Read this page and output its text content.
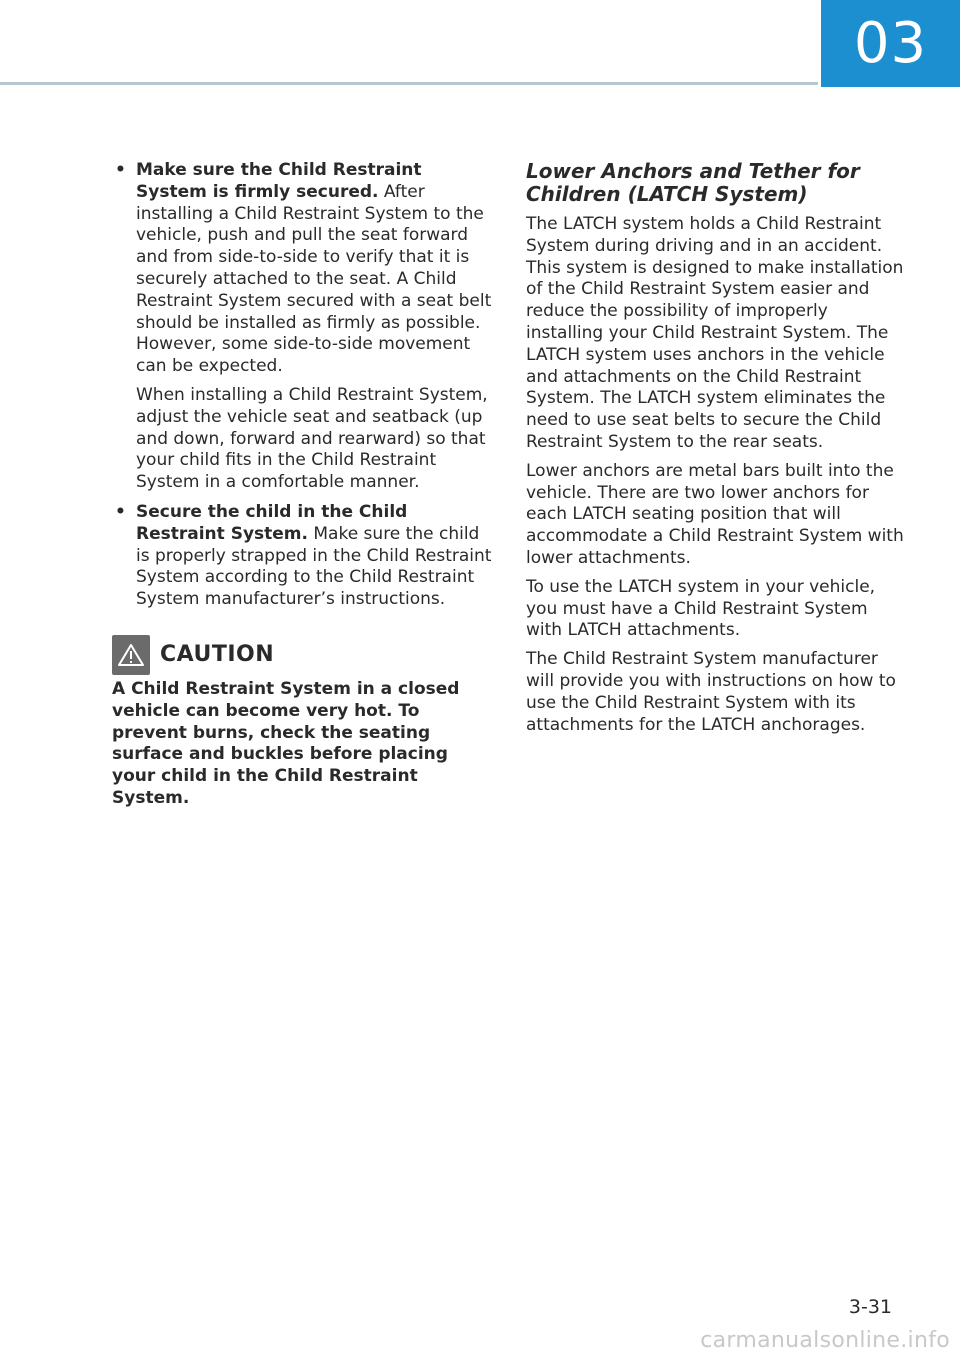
03
• Make sure the Child Restraint System is firmly secured. After installing a Child Restraint System to the vehicle, push and pull the seat forward and from side-to-side to verify that it is securely attached to the seat. A Child Restraint System secured with a seat belt should be installed as firmly as possible. However, some side-to-side movement can be expected.

When installing a Child Restraint System, adjust the vehicle seat and seatback (up and down, forward and rearward) so that your child fits in the Child Restraint System in a comfortable manner.

• Secure the child in the Child Restraint System. Make sure the child is properly strapped in the Child Restraint System according to the Child Restraint System manufacturer’s instructions.

CAUTION

A Child Restraint System in a closed vehicle can become very hot. To prevent burns, check the seating surface and buckles before placing your child in the Child Restraint System.

Lower Anchors and Tether for Children (LATCH System)

The LATCH system holds a Child Restraint System during driving and in an accident. This system is designed to make installation of the Child Restraint System easier and reduce the possibility of improperly installing your Child Restraint System. The LATCH system uses anchors in the vehicle and attachments on the Child Restraint System. The LATCH system eliminates the need to use seat belts to secure the Child Restraint System to the rear seats.

Lower anchors are metal bars built into the vehicle. There are two lower anchors for each LATCH seating position that will accommodate a Child Restraint System with lower attachments.

To use the LATCH system in your vehicle, you must have a Child Restraint System with LATCH attachments.

The Child Restraint System manufacturer will provide you with instructions on how to use the Child Restraint System with its attachments for the LATCH anchorages.

3-31
carmanualsonline.info
